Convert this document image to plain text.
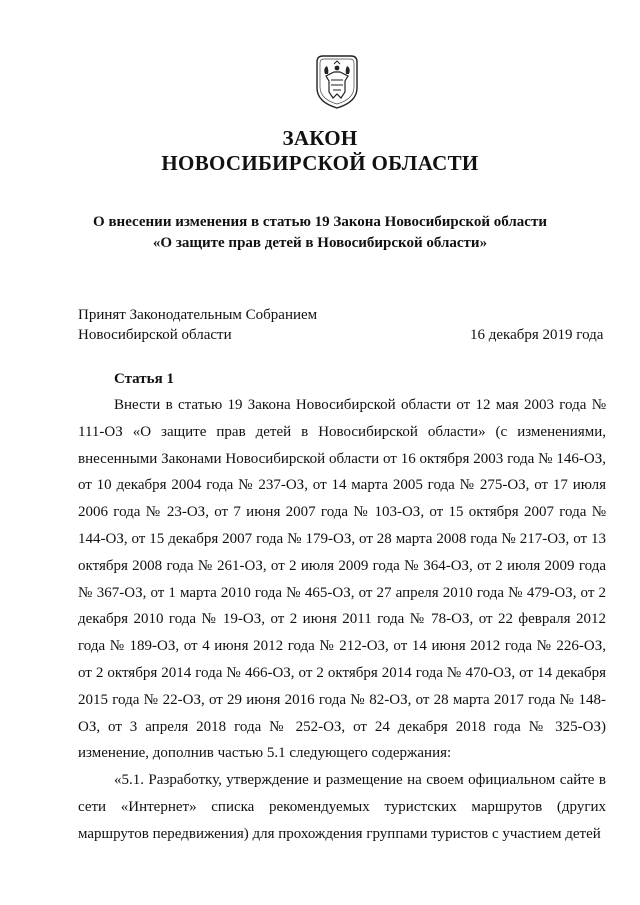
ЗАКОН
НОВОСИБИРСКОЙ ОБЛАСТИ
О внесении изменения в статью 19 Закона Новосибирской области
«О защите прав детей в Новосибирской области»
Принят Законодательным Собранием
Новосибирской области	16 декабря 2019 года
Статья 1

Внести в статью 19 Закона Новосибирской области от 12 мая 2003 года № 111-ОЗ «О защите прав детей в Новосибирской области» (с изменениями, внесенными Законами Новосибирской области от 16 октября 2003 года № 146-ОЗ, от 10 декабря 2004 года № 237-ОЗ, от 14 марта 2005 года № 275-ОЗ, от 17 июля 2006 года № 23-ОЗ, от 7 июня 2007 года № 103-ОЗ, от 15 октября 2007 года № 144-ОЗ, от 15 декабря 2007 года № 179-ОЗ, от 28 марта 2008 года № 217-ОЗ, от 13 октября 2008 года № 261-ОЗ, от 2 июля 2009 года № 364-ОЗ, от 2 июля 2009 года № 367-ОЗ, от 1 марта 2010 года № 465-ОЗ, от 27 апреля 2010 года № 479-ОЗ, от 2 декабря 2010 года № 19-ОЗ, от 2 июня 2011 года № 78-ОЗ, от 22 февраля 2012 года № 189-ОЗ, от 4 июня 2012 года № 212-ОЗ, от 14 июня 2012 года № 226-ОЗ, от 2 октября 2014 года № 466-ОЗ, от 2 октября 2014 года № 470-ОЗ, от 14 декабря 2015 года № 22-ОЗ, от 29 июня 2016 года № 82-ОЗ, от 28 марта 2017 года № 148-ОЗ, от 3 апреля 2018 года № 252-ОЗ, от 24 декабря 2018 года № 325-ОЗ) изменение, дополнив частью 5.1 следующего содержания:

«5.1. Разработку, утверждение и размещение на своем официальном сайте в сети «Интернет» списка рекомендуемых туристских маршрутов (других маршрутов передвижения) для прохождения группами туристов с участием детей
